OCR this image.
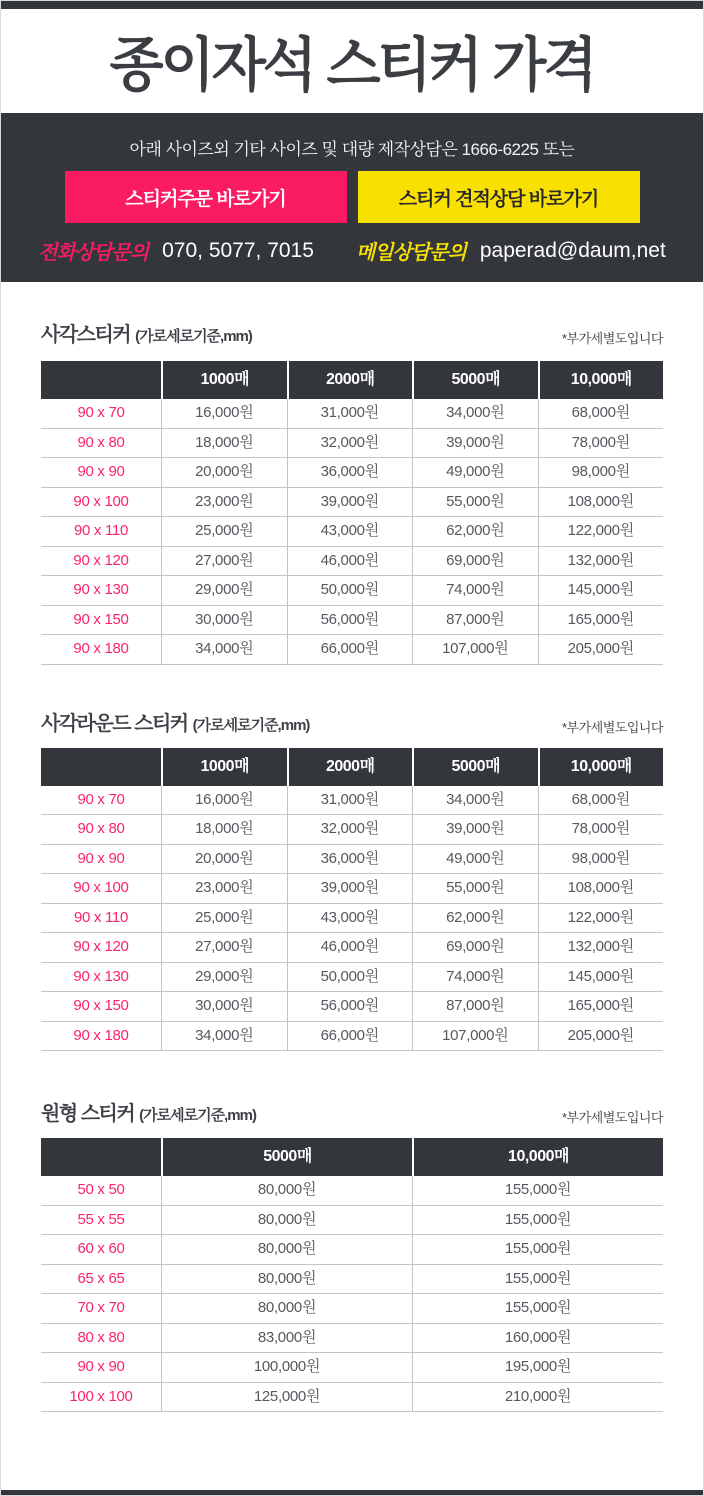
종이자석 스티커 가격
아래 사이즈외 기타 사이즈 및 대량 제작상담은 1666-6225 또는
스티커주문 바로가기	스티커 견적상담 바로가기
전화상담문의 070, 5077, 7015 메일상담문의 paperad@daum,net
사각스티커 (가로세로기준,mm)	*부가세별도입니다
1000매	2000매	5000매	10,000매
90 x 70	16,000원	31,000원	34,000원	68,000원
90 x 80	18,000원	32,000원	39,000원	78,000원
90 x 90	20,000원	36,000원	49,000원	98,000원
90 x 100	23,000원	39,000원	55,000원	108,000원
90 x 110	25,000원	43,000원	62,000원	122,000원
90 x 120	27,000원	46,000원	69,000원	132,000원
90 x 130	29,000원	50,000원	74,000원	145,000원
90 x 150	30,000원	56,000원	87,000원	165,000원
90 x 180	34,000원	66,000원	107,000원	205,000원
사각라운드 스티커 (가로세로기준,mm)	*부가세별도입니다
1000매	2000매	5000매	10,000매
90 x 70	16,000원	31,000원	34,000원	68,000원
90 x 80	18,000원	32,000원	39,000원	78,000원
90 x 90	20,000원	36,000원	49,000원	98,000원
90 x 100	23,000원	39,000원	55,000원	108,000원
90 x 110	25,000원	43,000원	62,000원	122,000원
90 x 120	27,000원	46,000원	69,000원	132,000원
90 x 130	29,000원	50,000원	74,000원	145,000원
90 x 150	30,000원	56,000원	87,000원	165,000원
90 x 180	34,000원	66,000원	107,000원	205,000원
원형 스티커 (가로세로기준,mm)	*부가세별도입니다
5000매	10,000매
50 x 50	80,000원	155,000원
55 x 55	80,000원	155,000원
60 x 60	80,000원	155,000원
65 x 65	80,000원	155,000원
70 x 70	80,000원	155,000원
80 x 80	83,000원	160,000원
90 x 90	100,000원	195,000원
100 x 100	125,000원	210,000원
